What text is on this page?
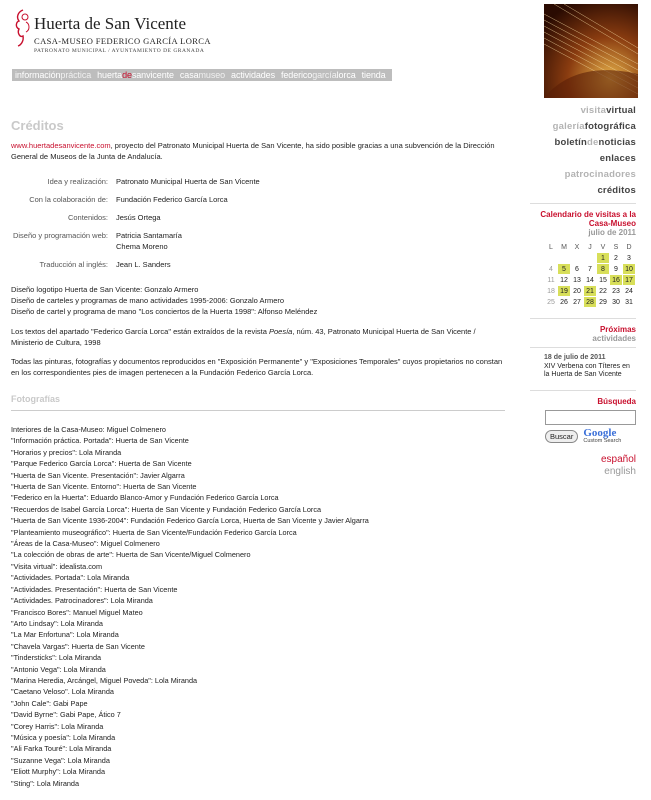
Huerta de San Vicente
CASA-MUSEO FEDERICO GARCÍA LORCA
PATRONATO MUNICIPAL / AYUNTAMIENTO DE GRANADA
informaciónpráctica huertadesanvicente casamuseo actividades federicogarcíalorca tienda
Créditos

www.huertadesanvicente.com, proyecto del Patronato Municipal Huerta de San Vicente, ha sido posible gracias a una subvención de la Dirección General de Museos de la Junta de Andalucía.

Idea y realización:	Patronato Municipal Huerta de San Vicente
Con la colaboración de:	Fundación Federico García Lorca
Contenidos:	Jesús Ortega
Diseño y programación web:	Patricia Santamaría
Chema Moreno
Traducción al inglés:	Jean L. Sanders

Diseño logotipo Huerta de San Vicente: Gonzalo Armero

Diseño de carteles y programas de mano actividades 1995-2006: Gonzalo Armero

Diseño de cartel y programa de mano "Los conciertos de la Huerta 1998": Alfonso Meléndez

Los textos del apartado "Federico García Lorca" están extraídos de la revista Poesía, núm. 43, Patronato Municipal Huerta de San Vicente / Ministerio de Cultura, 1998

Todas las pinturas, fotografías y documentos reproducidos en "Exposición Permanente" y "Exposiciones Temporales" cuyos propietarios no constan en los correspondientes pies de imagen pertenecen a la Fundación Federico García Lorca.

Fotografías
Interiores de la Casa-Museo: Miguel Colmenero
"Información práctica. Portada": Huerta de San Vicente
"Horarios y precios": Lola Miranda
"Parque Federico García Lorca": Huerta de San Vicente
"Huerta de San Vicente. Presentación": Javier Algarra
"Huerta de San Vicente. Entorno": Huerta de San Vicente
"Federico en la Huerta": Eduardo Blanco-Amor y Fundación Federico García Lorca
"Recuerdos de Isabel García Lorca": Huerta de San Vicente y Fundación Federico García Lorca
"Huerta de San Vicente 1936-2004": Fundación Federico García Lorca, Huerta de San Vicente y Javier Algarra
"Planteamiento museográfico": Huerta de San Vicente/Fundación Federico García Lorca
"Áreas de la Casa-Museo": Miguel Colmenero
"La colección de obras de arte": Huerta de San Vicente/Miguel Colmenero
"Visita virtual": idealista.com
"Actividades. Portada": Lola Miranda
"Actividades. Presentación": Huerta de San Vicente
"Actividades. Patrocinadores": Lola Miranda
"Francisco Bores": Manuel Miguel Mateo
"Arto Lindsay": Lola Miranda
"La Mar Enfortuna": Lola Miranda
"Chavela Vargas": Huerta de San Vicente
"Tindersticks": Lola Miranda
"Antonio Vega": Lola Miranda
"Marina Heredia, Arcángel, Miguel Poveda": Lola Miranda
"Caetano Veloso". Lola Miranda
"John Cale": Gabi Pape
"David Byrne": Gabi Pape, Ático 7
"Corey Harris": Lola Miranda
"Música y poesía": Lola Miranda
"Ali Farka Touré": Lola Miranda
"Suzanne Vega": Lola Miranda
"Eliott Murphy": Lola Miranda
"Sting": Lola Miranda
visitavirtual
galeríafotográfica
boletíndenoticias
enlaces
patrocinadores
créditos
Calendario de visitas a la Casa-Museo
julio de 2011
L	M	X	J	V	S	D
				1	2	3
4	5	6	7	8	9	10
11	12	13	14	15	16	17
18	19	20	21	22	23	24
25	26	27	28	29	30	31
Próximas
actividades
18 de julio de 2011
XIV Verbena con Títeres en la Huerta de San Vicente
Búsqueda
Buscar Google
Custom Search
español
english
